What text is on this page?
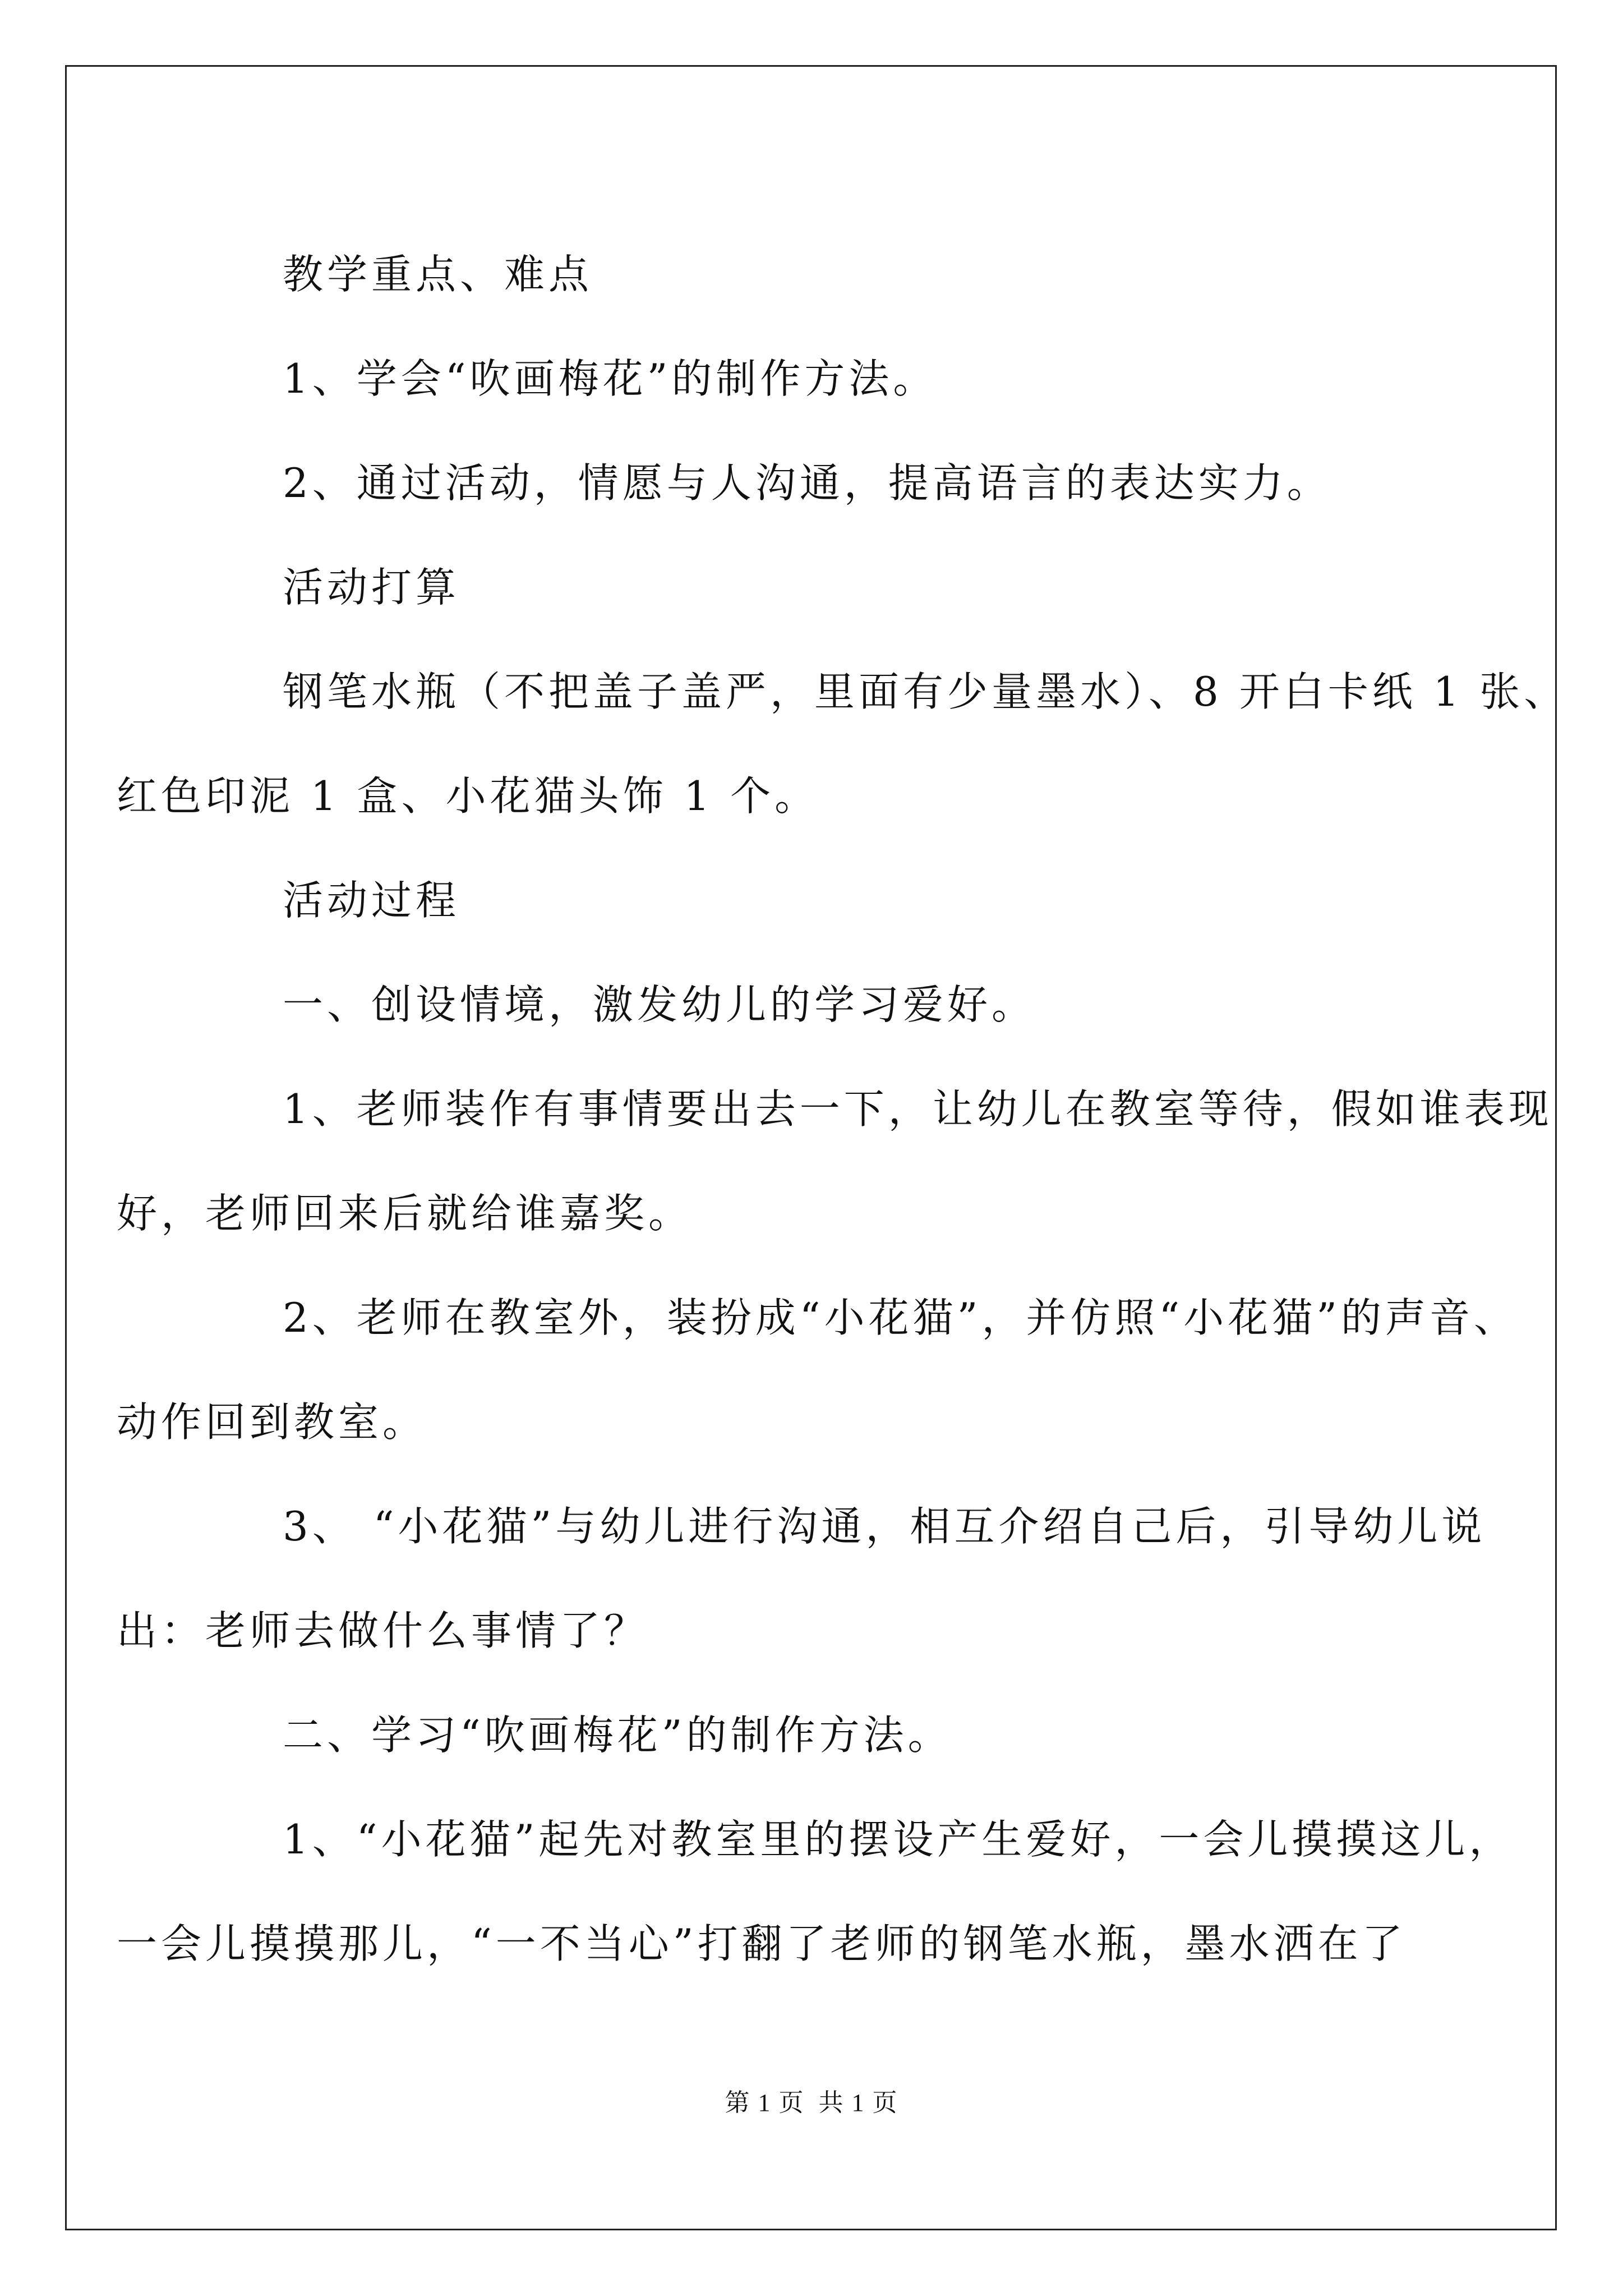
教学重点、难点
1、学会“吹画梅花”的制作方法。
2、通过活动，情愿与人沟通，提高语言的表达实力。
活动打算
钢笔水瓶（不把盖子盖严，里面有少量墨水）、8 开白卡纸 1 张、
红色印泥 1 盒、小花猫头饰 1 个。
活动过程
一、创设情境，激发幼儿的学习爱好。
1、老师装作有事情要出去一下，让幼儿在教室等待，假如谁表现
好，老师回来后就给谁嘉奖。
2、老师在教室外，装扮成“小花猫”，并仿照“小花猫”的声音、
动作回到教室。
3、 “小花猫”与幼儿进行沟通，相互介绍自己后，引导幼儿说
出：老师去做什么事情了？
二、学习“吹画梅花”的制作方法。
1、“小花猫”起先对教室里的摆设产生爱好，一会儿摸摸这儿，
一会儿摸摸那儿，“一不当心”打翻了老师的钢笔水瓶，墨水洒在了
第 1 页 共 1 页
